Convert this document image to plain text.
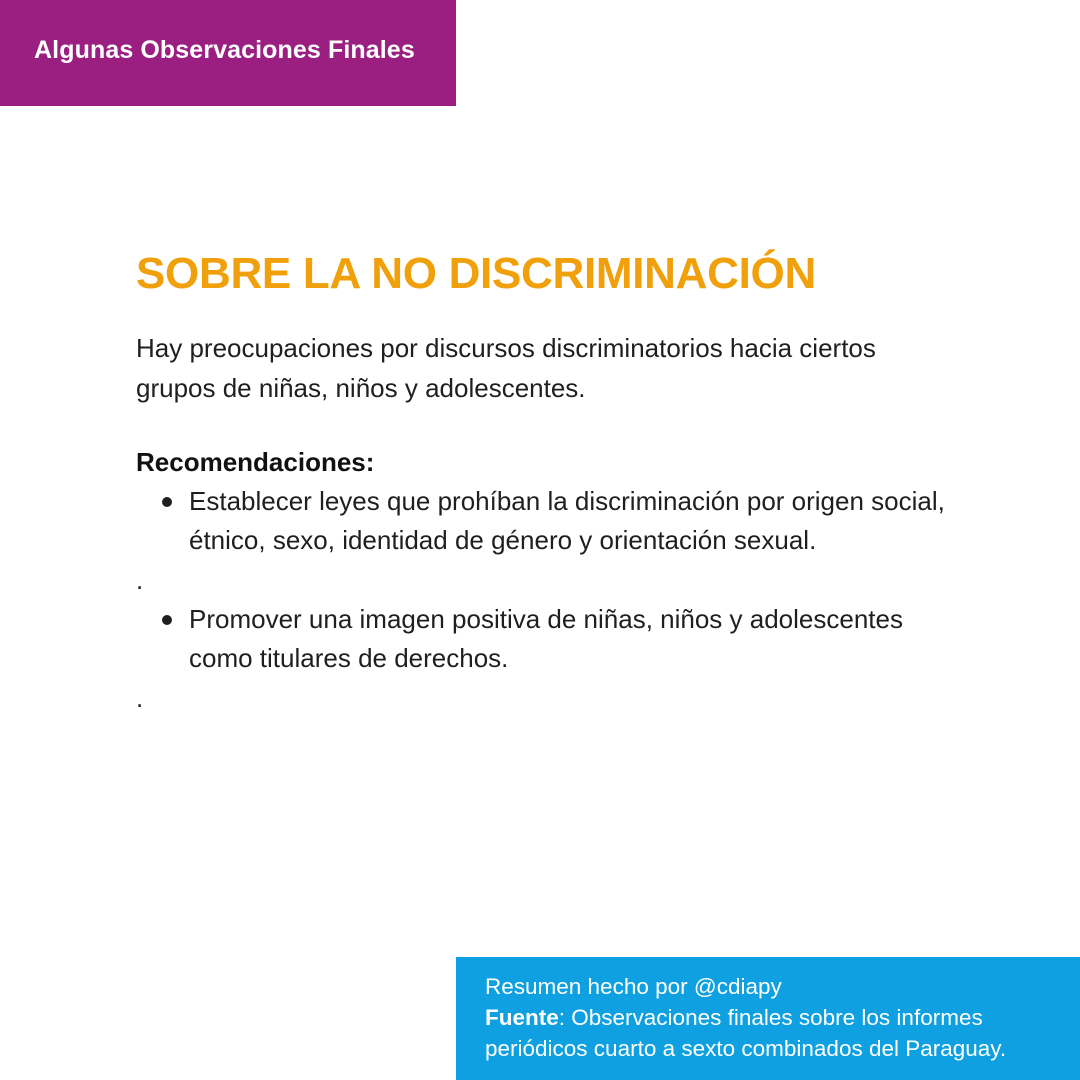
Algunas Observaciones Finales
SOBRE LA NO DISCRIMINACIÓN

Hay preocupaciones por discursos discriminatorios hacia ciertos grupos de niñas, niños y adolescentes.

Recomendaciones:
Establecer leyes que prohíban la discriminación por origen social, étnico, sexo, identidad de género y orientación sexual.
.
Promover una imagen positiva de niñas, niños y adolescentes como titulares de derechos.
.
Resumen hecho por @cdiapy
Fuente: Observaciones finales sobre los informes periódicos cuarto a sexto combinados del Paraguay.
